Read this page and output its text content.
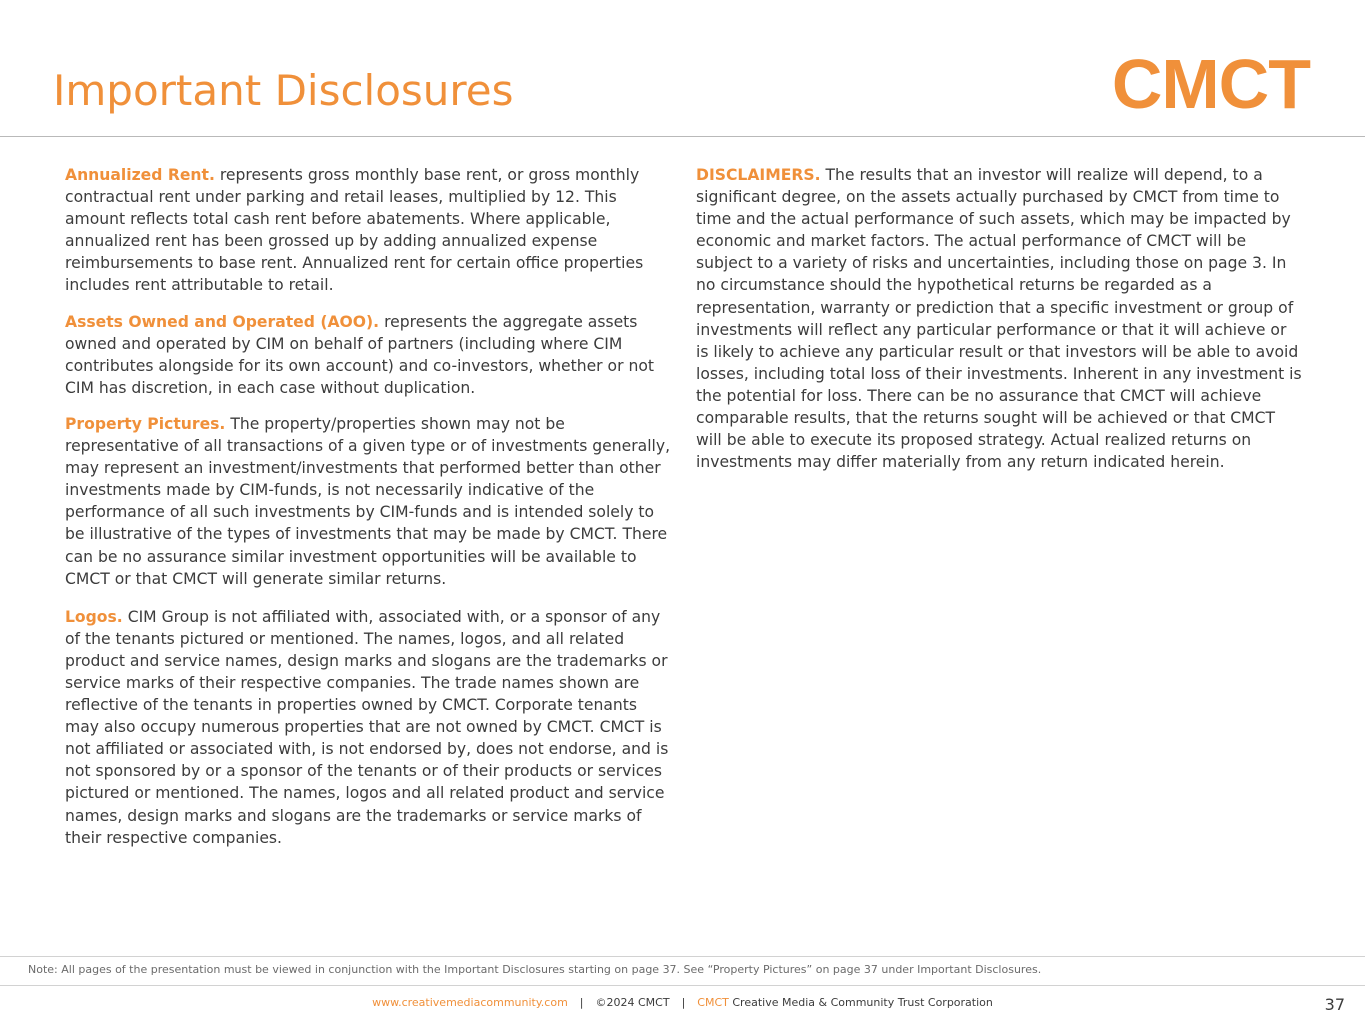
Important Disclosures	CMCT

Annualized Rent. represents gross monthly base rent, or gross monthly contractual rent under parking and retail leases, multiplied by 12. This amount reflects total cash rent before abatements. Where applicable, annualized rent has been grossed up by adding annualized expense reimbursements to base rent. Annualized rent for certain office properties includes rent attributable to retail.

Assets Owned and Operated (AOO). represents the aggregate assets owned and operated by CIM on behalf of partners (including where CIM contributes alongside for its own account) and co-investors, whether or not CIM has discretion, in each case without duplication.

Property Pictures. The property/properties shown may not be representative of all transactions of a given type or of investments generally, may represent an investment/investments that performed better than other investments made by CIM-funds, is not necessarily indicative of the performance of all such investments by CIM-funds and is intended solely to be illustrative of the types of investments that may be made by CMCT. There can be no assurance similar investment opportunities will be available to CMCT or that CMCT will generate similar returns.

Logos. CIM Group is not affiliated with, associated with, or a sponsor of any of the tenants pictured or mentioned. The names, logos, and all related product and service names, design marks and slogans are the trademarks or service marks of their respective companies. The trade names shown are reflective of the tenants in properties owned by CMCT. Corporate tenants may also occupy numerous properties that are not owned by CMCT. CMCT is not affiliated or associated with, is not endorsed by, does not endorse, and is not sponsored by or a sponsor of the tenants or of their products or services pictured or mentioned. The names, logos and all related product and service names, design marks and slogans are the trademarks or service marks of their respective companies.

DISCLAIMERS. The results that an investor will realize will depend, to a significant degree, on the assets actually purchased by CMCT from time to time and the actual performance of such assets, which may be impacted by economic and market factors. The actual performance of CMCT will be subject to a variety of risks and uncertainties, including those on page 3. In no circumstance should the hypothetical returns be regarded as a representation, warranty or prediction that a specific investment or group of investments will reflect any particular performance or that it will achieve or is likely to achieve any particular result or that investors will be able to avoid losses, including total loss of their investments. Inherent in any investment is the potential for loss. There can be no assurance that CMCT will achieve comparable results, that the returns sought will be achieved or that CMCT will be able to execute its proposed strategy. Actual realized returns on investments may differ materially from any return indicated herein.

Note: All pages of the presentation must be viewed in conjunction with the Important Disclosures starting on page 37. See “Property Pictures” on page 37 under Important Disclosures.
www.creativemediacommunity.com | ©2024 CMCT | CMCT Creative Media & Community Trust Corporation	37
